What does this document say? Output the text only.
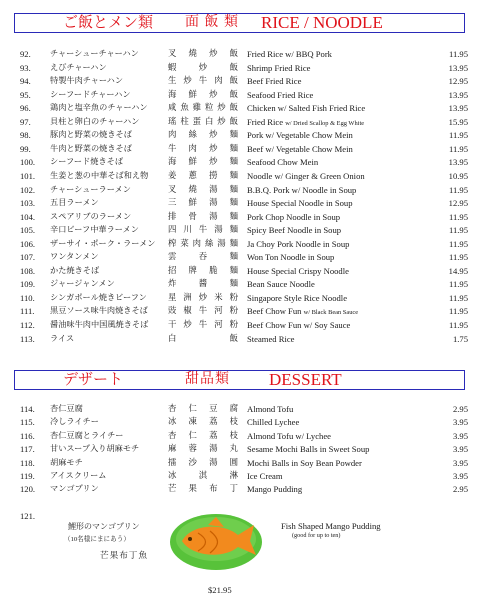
ご飯とメン類 面 飯 類 RICE / NOODLE
92. チャーシューチャーハン	叉燒炒飯 Fried Rice w/ BBQ Pork	11.95
93. えびチャーハン	蝦炒飯 Shrimp Fried Rice	13.95
94. 特製牛肉チャーハン	生炒牛肉飯 Beef Fried Rice	12.95
95. シーフードチャーハン	海鮮炒飯 Seafood Fried Rice	13.95
96. 鶏肉と塩辛魚のチャーハン 咸魚雞粒炒飯 Chicken w/ Salted Fish Fried Rice	13.95
97. 貝柱と卵白のチャーハン	瑤柱蛋白炒飯 Fried Rice w/ Dried Scallop & Egg White	15.95
98. 豚肉と野菜の焼きそば	肉絲炒麵 Pork w/ Vegetable Chow Mein	11.95
99. 牛肉と野菜の焼きそば	牛肉炒麵 Beef w/ Vegetable Chow Mein	11.95
100. シーフード焼きそば	海鮮炒麵 Seafood Chow Mein	13.95
101. 生姜と葱の中華そば和え物 姜蔥撈麵 Noodle w/ Ginger & Green Onion	10.95
102. チャーシューラーメン	叉燒湯麵 B.B.Q. Pork w/ Noodle in Soup	11.95
103. 五目ラーメン	三鮮湯麵 House Special Noodle in Soup	12.95
104. スペアリブのラーメン	排骨湯麵 Pork Chop Noodle in Soup	11.95
105. 辛口ビーフ中華ラーメン	四川牛湯麵 Spicy Beef Noodle in Soup	11.95
106. ザーサイ・ポーク・ラーメン 榨菜肉絲湯麵 Ja Choy Pork Noodle in Soup	11.95
107. ワンタンメン	雲吞麵 Won Ton Noodle in Soup	11.95
108. かた焼きそば	招牌脆麵 House Special Crispy Noodle	14.95
109. ジャージャンメン	炸醬麵 Bean Sauce Noodle	11.95
110. シンガポール焼きビーフン	星洲炒米粉 Singapore Style Rice Noodle	11.95
111. 黒豆ソース味牛肉焼きそば 豉椒牛河粉 Beef Chow Fun w/ Black Bean Sauce	11.95
112. 醤油味牛肉中国風焼きそば 干炒牛河粉 Beef Chow Fun w/ Soy Sauce	11.95
113. ライス	白飯 Steamed Rice	1.75
デザート	甜品類 DESSERT
114. 杏仁豆腐	杏仁豆腐 Almond Tofu	2.95
115. 冷しライチー	冰凍荔枝 Chilled Lychee	3.95
116. 杏仁豆腐とライチー	杏仁荔枝 Almond Tofu w/ Lychee	3.95
117. 甘いスープ入り胡麻モチ	麻蓉湯丸 Sesame Mochi Balls in Sweet Soup	3.95
118. 胡麻モチ	擂沙湯圓 Mochi Balls in Soy Bean Powder	3.95
119. アイスクリーム	冰淇淋 Ice Cream	3.95
120. マンゴプリン	芒果布丁 Mango Pudding	2.95
121.
鯉形のマンゴプリン
（10名様にまにあう）
芒果布丁魚
Fish Shaped Mango Pudding
(good for up to ten)
$21.95
